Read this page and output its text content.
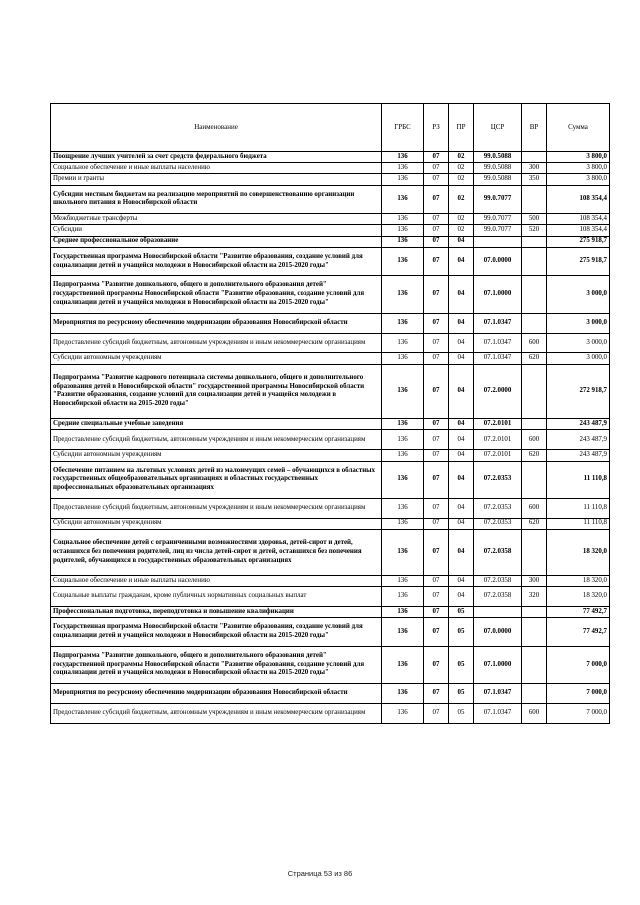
Наименование	ГРБС	РЗ	ПР	ЦСР	ВР	Сумма
Поощрение лучших учителей за счет средств федерального бюджета	136	07	02	99.0.5088		3 800,0
Социальное обеспечение и иные выплаты населению	136	07	02	99.0.5088	300	3 800,0
Премии и гранты	136	07	02	99.0.5088	350	3 800,0
Субсидии местным бюджетам на реализацию мероприятий по совершенствованию организации школьного питания в Новосибирской области	136	07	02	99.0.7077		108 354,4
Межбюджетные трансферты	136	07	02	99.0.7077	500	108 354,4
Субсидии	136	07	02	99.0.7077	520	108 354,4
Среднее профессиональное образование	136	07	04			275 918,7
Государственная программа Новосибирской области "Развитие образования, создание условий для социализации детей и учащейся молодежи в Новосибирской области на 2015-2020 годы"	136	07	04	07.0.0000		275 918,7
Подпрограмма "Развитие дошкольного, общего и дополнительного образования детей" государственной программы Новосибирской области "Развитие образования, создание условий для социализации детей и учащейся молодежи в Новосибирской области на 2015-2020 годы"	136	07	04	07.1.0000		3 000,0
Мероприятия по ресурсному обеспечению модернизации образования Новосибирской области	136	07	04	07.1.0347		3 000,0
Предоставление субсидий бюджетным, автономным учреждениям и иным некоммерческим организациям	136	07	04	07.1.0347	600	3 000,0
Субсидии автономным учреждениям	136	07	04	07.1.0347	620	3 000,0
Подпрограмма "Развитие кадрового потенциала системы дошкольного, общего и дополнительного образования детей в Новосибирской области" государственной программы Новосибирской области "Развитие образования, создание условий для социализации детей и учащейся молодежи в Новосибирской области на 2015-2020 годы"	136	07	04	07.2.0000		272 918,7
Средние специальные учебные заведения	136	07	04	07.2.0101		243 487,9
Предоставление субсидий бюджетным, автономным учреждениям и иным некоммерческим организациям	136	07	04	07.2.0101	600	243 487,9
Субсидии автономным учреждениям	136	07	04	07.2.0101	620	243 487,9
Обеспечение питанием на льготных условиях детей из малоимущих семей – обучающихся в областных государственных общеобразовательных организациях и областных государственных профессиональных образовательных организациях	136	07	04	07.2.0353		11 110,8
Предоставление субсидий бюджетным, автономным учреждениям и иным некоммерческим организациям	136	07	04	07.2.0353	600	11 110,8
Субсидии автономным учреждениям	136	07	04	07.2.0353	620	11 110,8
Социальное обеспечение детей с ограниченными возможностями здоровья, детей-сирот и детей, оставшихся без попечения родителей, лиц из числа детей-сирот и детей, оставшихся без попечения родителей, обучающихся в государственных образовательных организациях	136	07	04	07.2.0358		18 320,0
Социальное обеспечение и иные выплаты населению	136	07	04	07.2.0358	300	18 320,0
Социальные выплаты гражданам, кроме публичных нормативных социальных выплат	136	07	04	07.2.0358	320	18 320,0
Профессиональная подготовка, переподготовка и повышение квалификации	136	07	05			77 492,7
Государственная программа Новосибирской области "Развитие образования, создание условий для социализации детей и учащейся молодежи в Новосибирской области на 2015-2020 годы"	136	07	05	07.0.0000		77 492,7
Подпрограмма "Развитие дошкольного, общего и дополнительного образования детей" государственной программы Новосибирской области "Развитие образования, создание условий для социализации детей и учащейся молодежи в Новосибирской области на 2015-2020 годы"	136	07	05	07.1.0000		7 000,0
Мероприятия по ресурсному обеспечению модернизации образования Новосибирской области	136	07	05	07.1.0347		7 000,0
Предоставление субсидий бюджетным, автономным учреждениям и иным некоммерческим организациям	136	07	05	07.1.0347	600	7 000,0
Страница 53 из 86
